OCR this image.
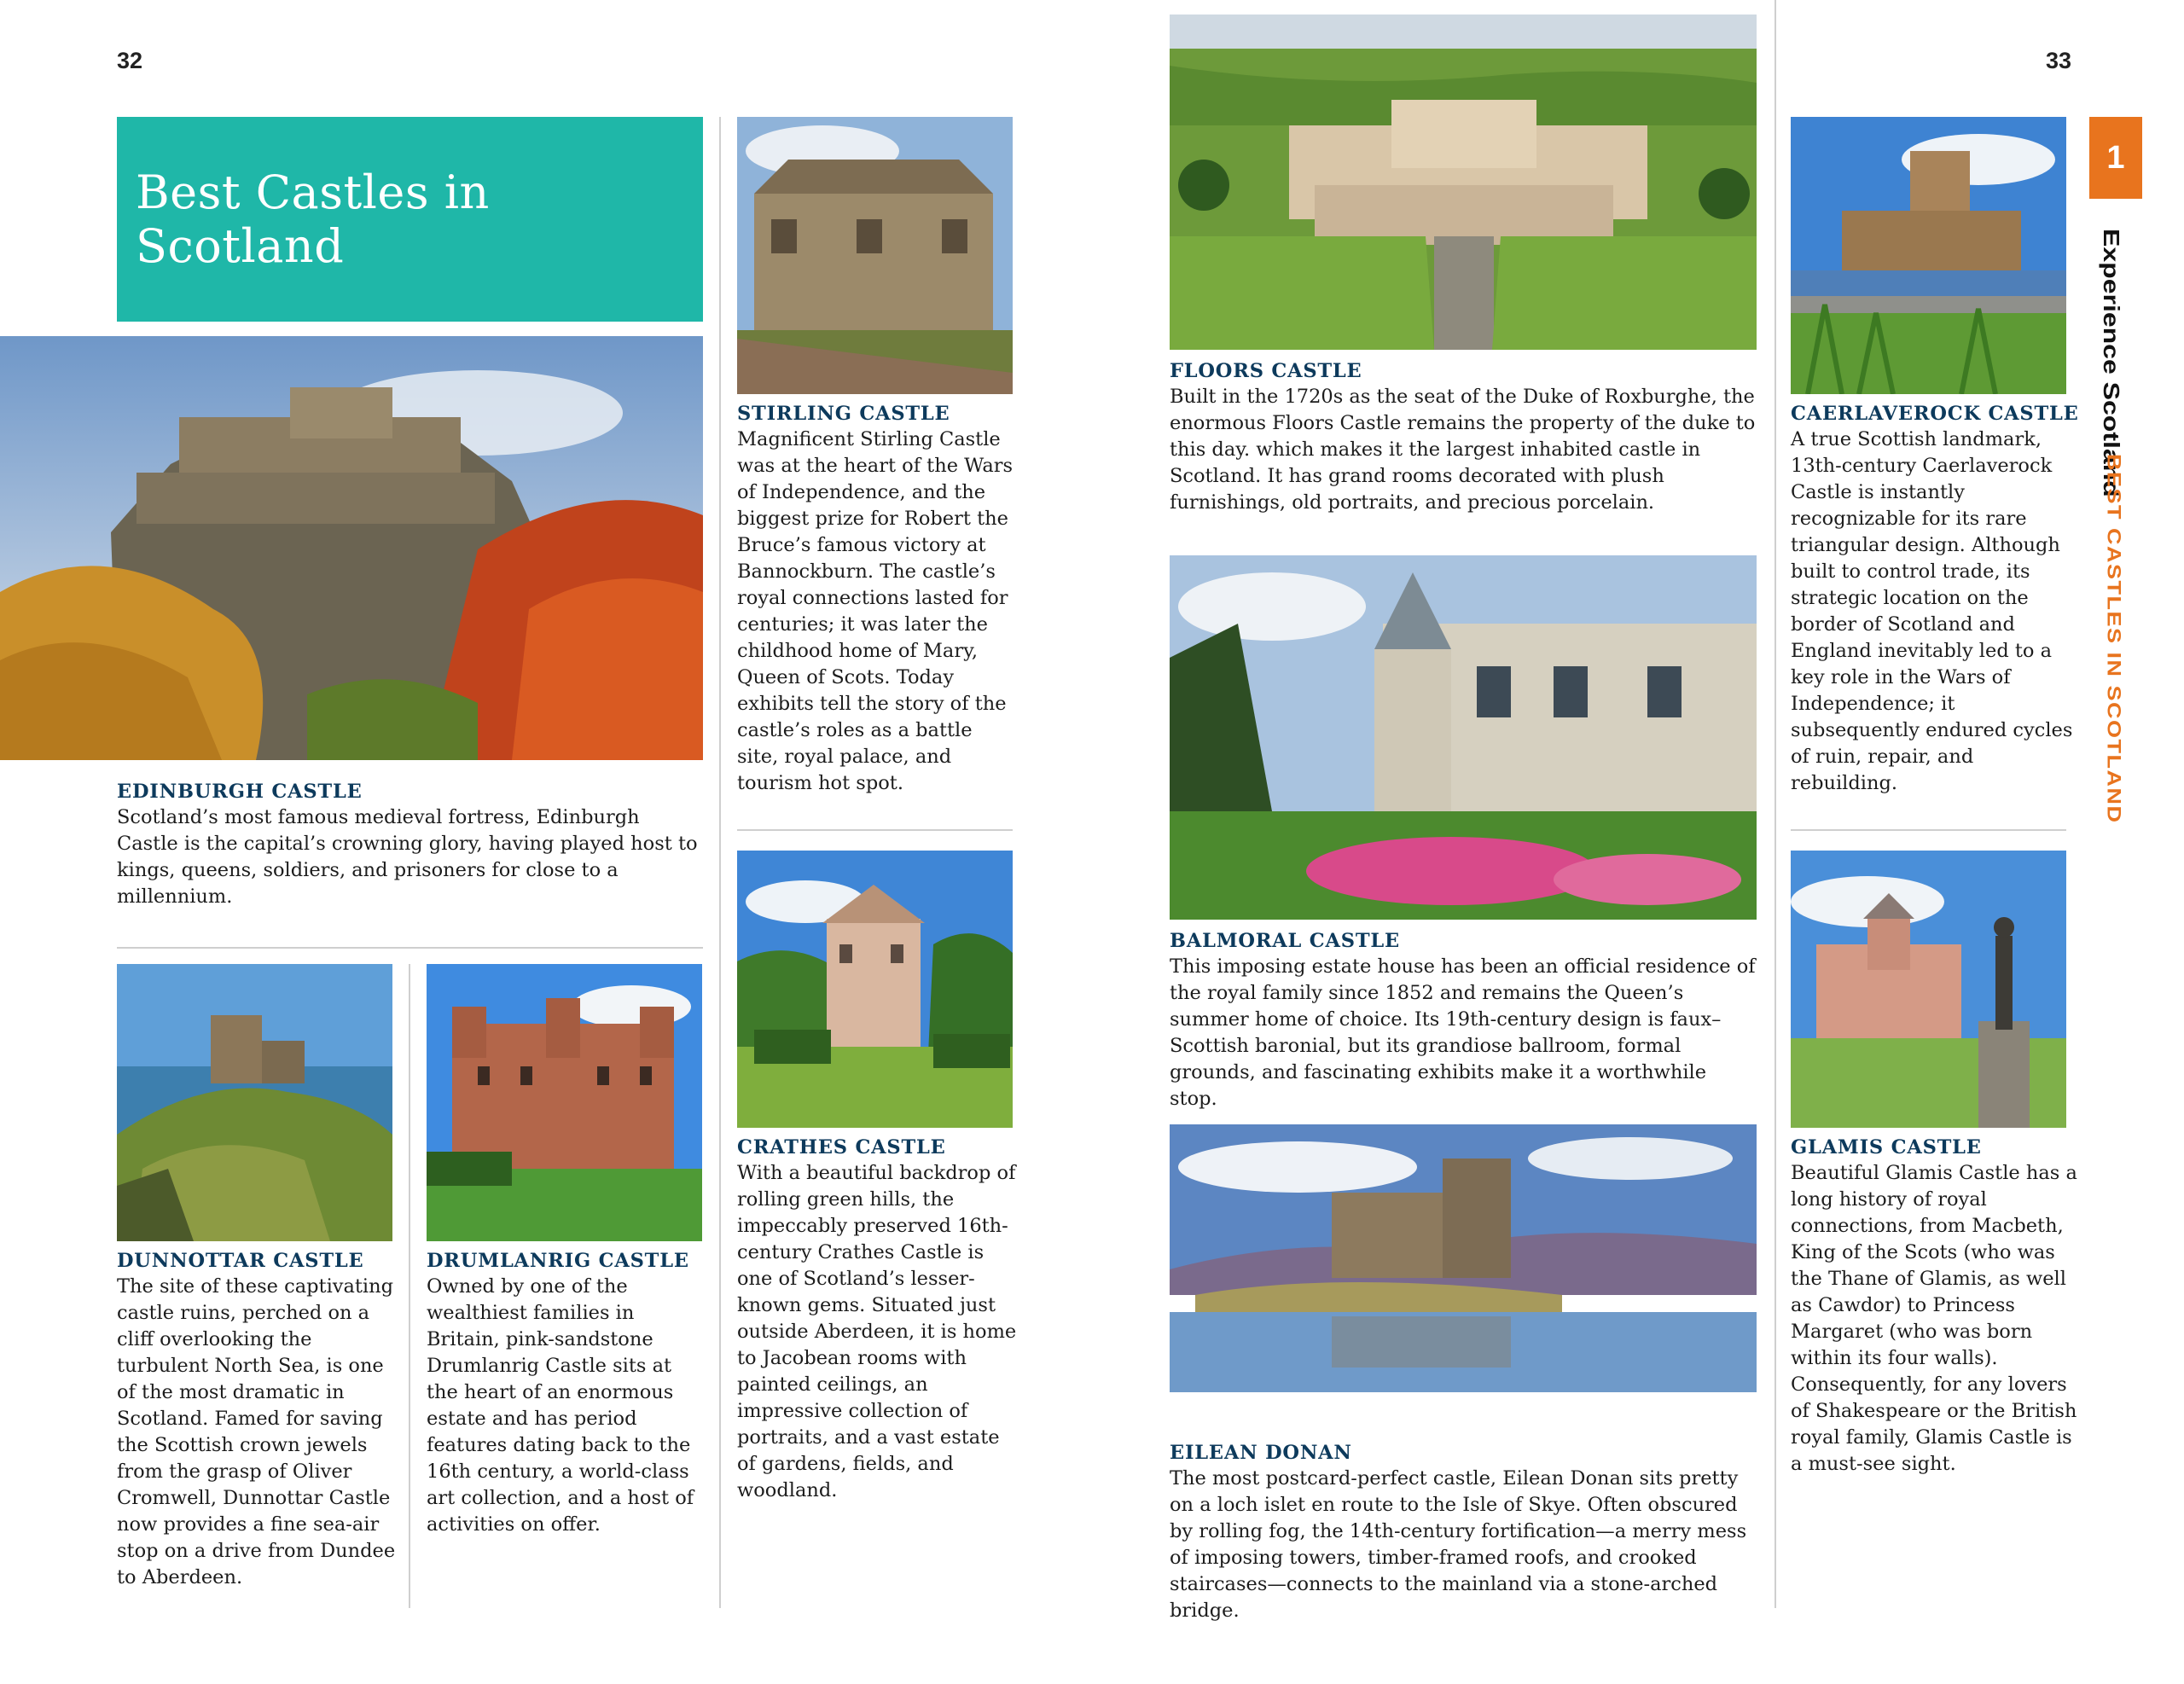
32	33
Best Castles in Scotland
EDINBURGH CASTLE

Scotland’s most famous medieval fortress, Edinburgh Castle is the capital’s crowning glory, having played host to kings, queens, soldiers, and prisoners for close to a millennium.

STIRLING CASTLE

Magnificent Stirling Castle was at the heart of the Wars of Independence, and the biggest prize for Robert the Bruce’s famous victory at Bannockburn. The castle’s royal connections lasted for centuries; it was later the childhood home of Mary, Queen of Scots. Today exhibits tell the story of the castle’s roles as a battle site, royal palace, and tourism hot spot.

CRATHES CASTLE

With a beautiful backdrop of rolling green hills, the impeccably preserved 16th-century Crathes Castle is one of Scotland’s lesser-known gems. Situated just outside Aberdeen, it is home to Jacobean rooms with painted ceilings, an impressive collection of portraits, and a vast estate of gardens, fields, and woodland.

DUNNOTTAR CASTLE

The site of these captivating castle ruins, perched on a cliff overlooking the turbulent North Sea, is one of the most dramatic in Scotland. Famed for saving the Scottish crown jewels from the grasp of Oliver Cromwell, Dunnottar Castle now provides a fine sea-air stop on a drive from Dundee to Aberdeen.

DRUMLANRIG CASTLE

Owned by one of the wealthiest families in Britain, pink-sandstone Drumlanrig Castle sits at the heart of an enormous estate and has period features dating back to the 16th century, a world-class art collection, and a host of activities on offer.

FLOORS CASTLE

Built in the 1720s as the seat of the Duke of Roxburghe, the enormous Floors Castle remains the property of the duke to this day. which makes it the largest inhabited castle in Scotland. It has grand rooms decorated with plush furnishings, old portraits, and precious porcelain.

BALMORAL CASTLE

This imposing estate house has been an official residence of the royal family since 1852 and remains the Queen’s summer home of choice. Its 19th-century design is faux–Scottish baronial, but its grandiose ballroom, formal grounds, and fascinating exhibits make it a worthwhile stop.

EILEAN DONAN

The most postcard-perfect castle, Eilean Donan sits pretty on a loch islet en route to the Isle of Skye. Often obscured by rolling fog, the 14th-century fortification—a merry mess of imposing towers, timber-framed roofs, and crooked staircases—connects to the mainland via a stone-arched bridge.

CAERLAVEROCK CASTLE

A true Scottish landmark, 13th-century Caerlaverock Castle is instantly recognizable for its rare triangular design. Although built to control trade, its strategic location on the border of Scotland and England inevitably led to a key role in the Wars of Independence; it subsequently endured cycles of ruin, repair, and rebuilding.

GLAMIS CASTLE

Beautiful Glamis Castle has a long history of royal connections, from Macbeth, King of the Scots (who was the Thane of Glamis, as well as Cawdor) to Princess Margaret (who was born within its four walls). Consequently, for any lovers of Shakespeare or the British royal family, Glamis Castle is a must-see sight.

1
Experience Scotland
BEST CASTLES IN SCOTLAND
